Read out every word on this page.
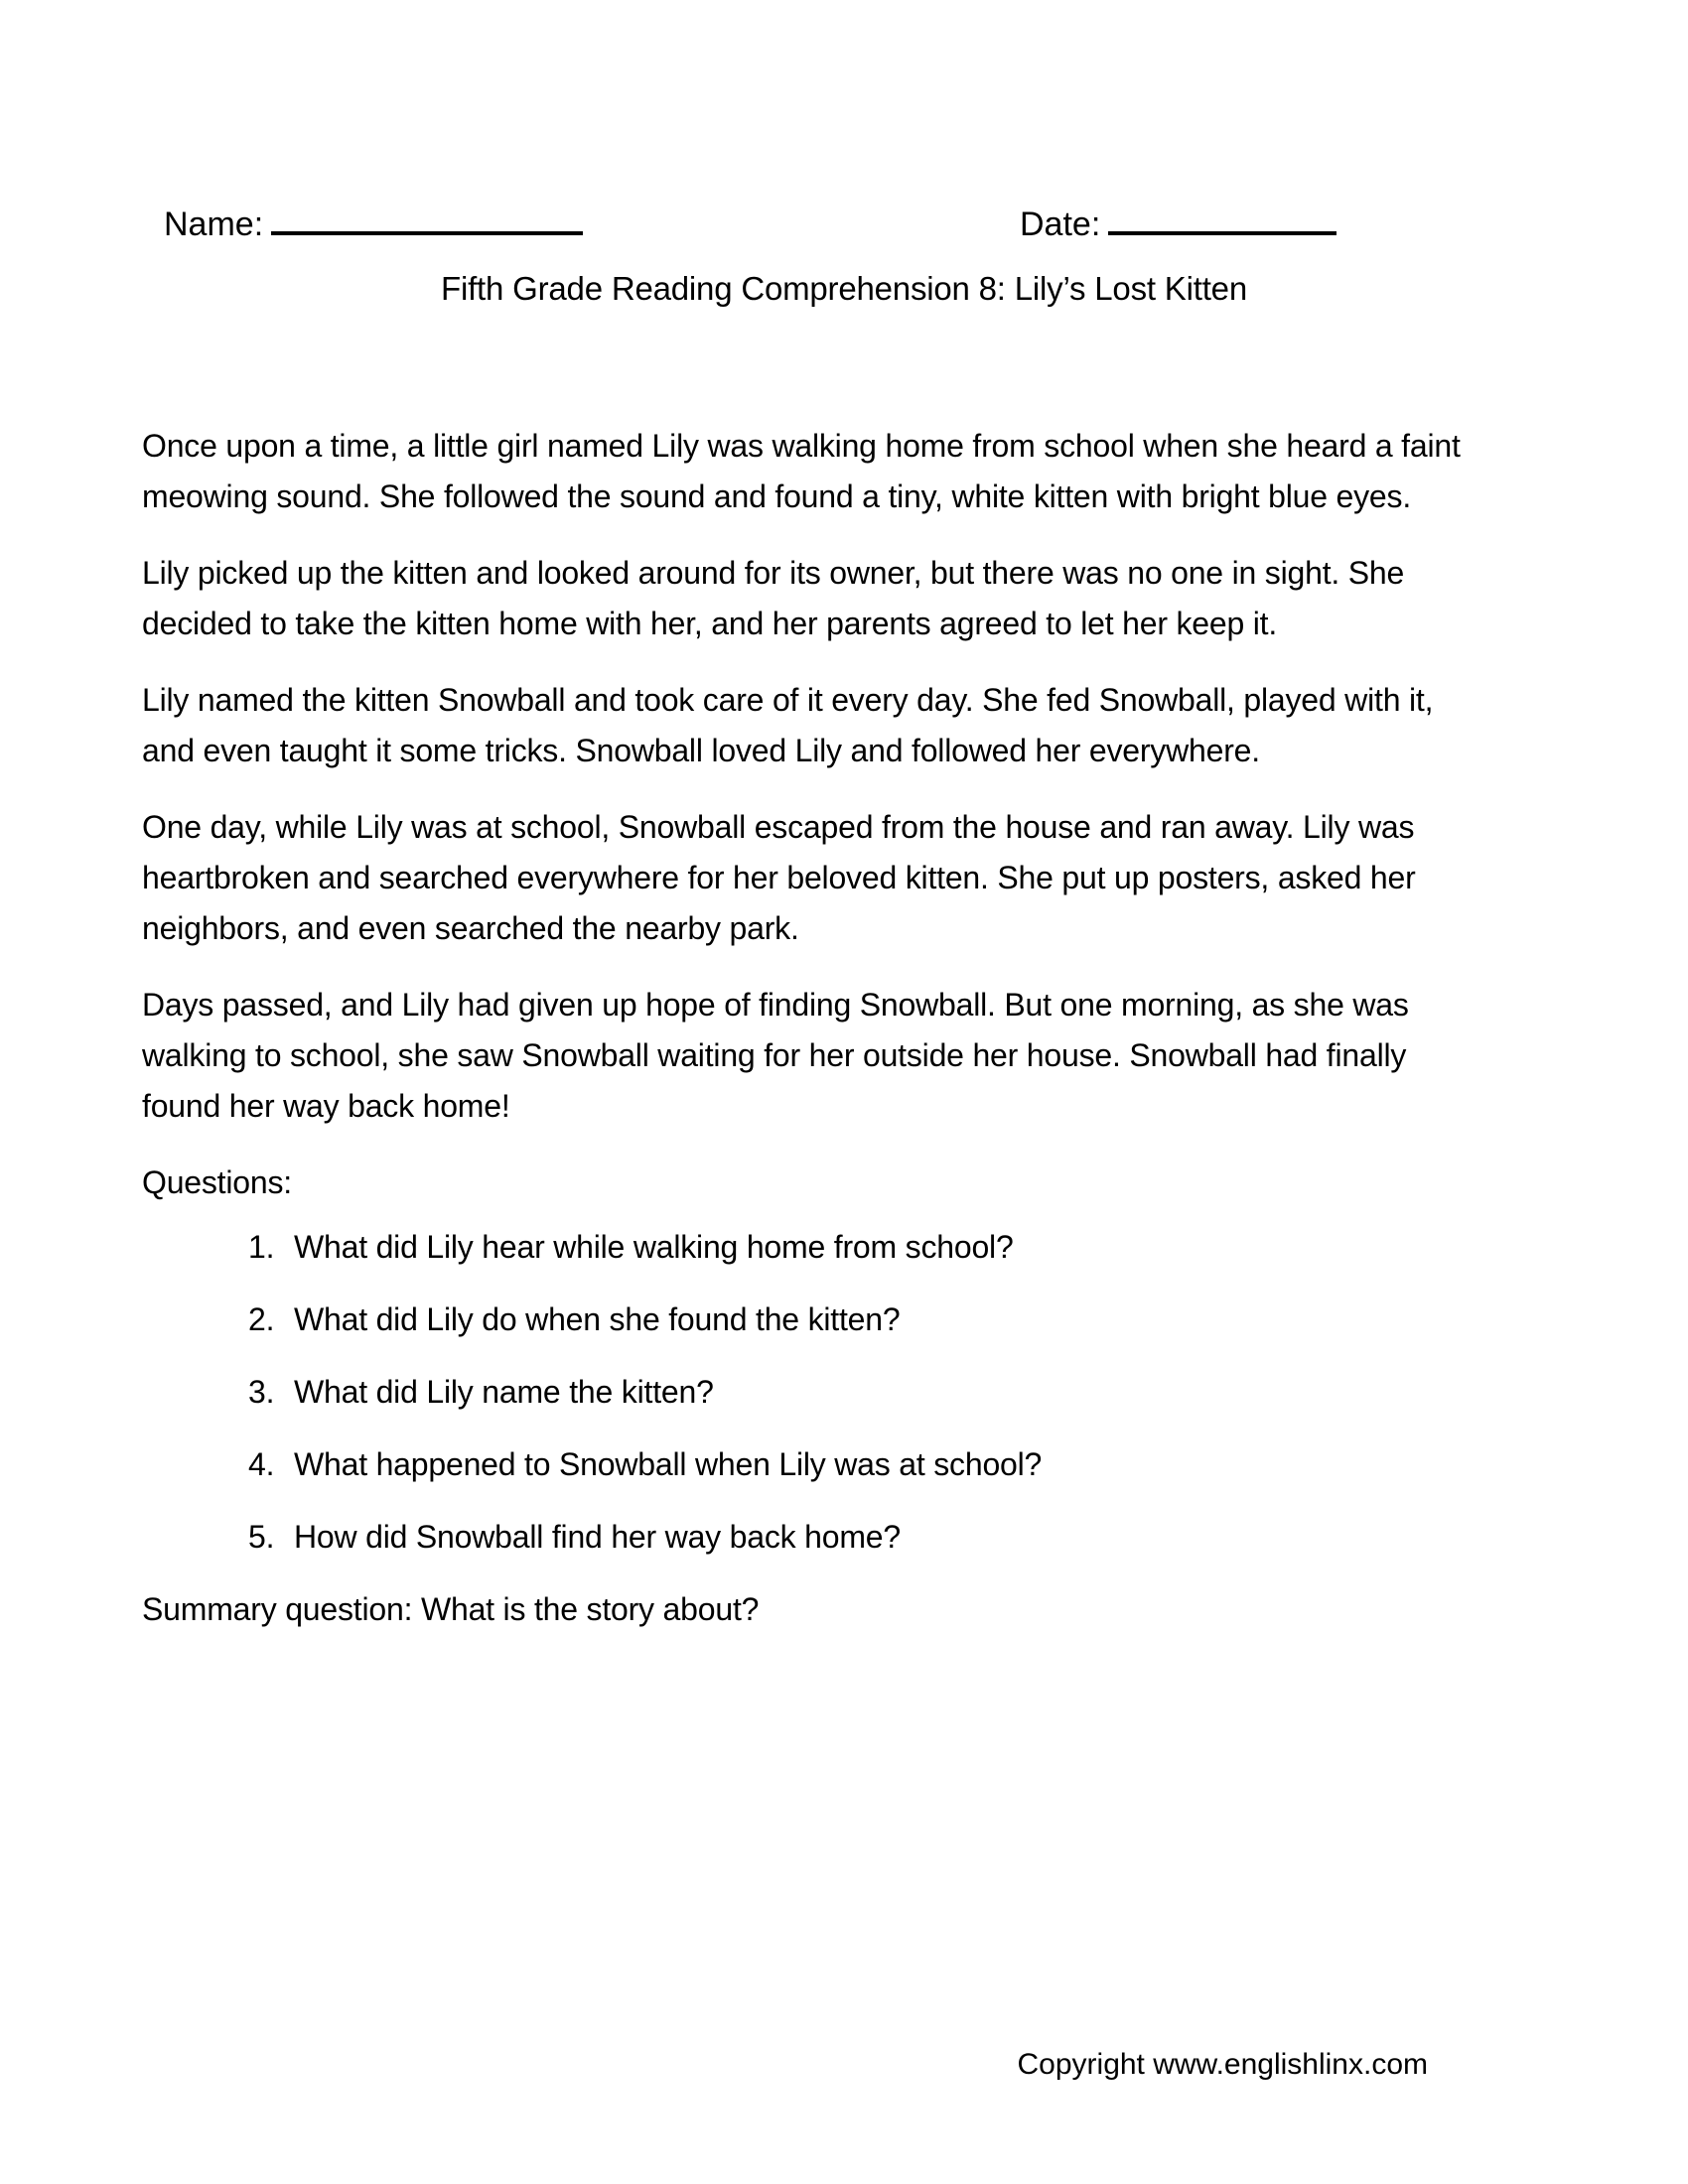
Name:	Date:
Fifth Grade Reading Comprehension 8: Lily’s Lost Kitten

Once upon a time, a little girl named Lily was walking home from school when she heard a faint meowing sound. She followed the sound and found a tiny, white kitten with bright blue eyes.

Lily picked up the kitten and looked around for its owner, but there was no one in sight. She decided to take the kitten home with her, and her parents agreed to let her keep it.

Lily named the kitten Snowball and took care of it every day. She fed Snowball, played with it, and even taught it some tricks. Snowball loved Lily and followed her everywhere.

One day, while Lily was at school, Snowball escaped from the house and ran away. Lily was heartbroken and searched everywhere for her beloved kitten. She put up posters, asked her neighbors, and even searched the nearby park.

Days passed, and Lily had given up hope of finding Snowball. But one morning, as she was walking to school, she saw Snowball waiting for her outside her house. Snowball had finally found her way back home!

Questions:

1. What did Lily hear while walking home from school?
2. What did Lily do when she found the kitten?
3. What did Lily name the kitten?
4. What happened to Snowball when Lily was at school?
5. How did Snowball find her way back home?

Summary question: What is the story about?

Copyright www.englishlinx.com
